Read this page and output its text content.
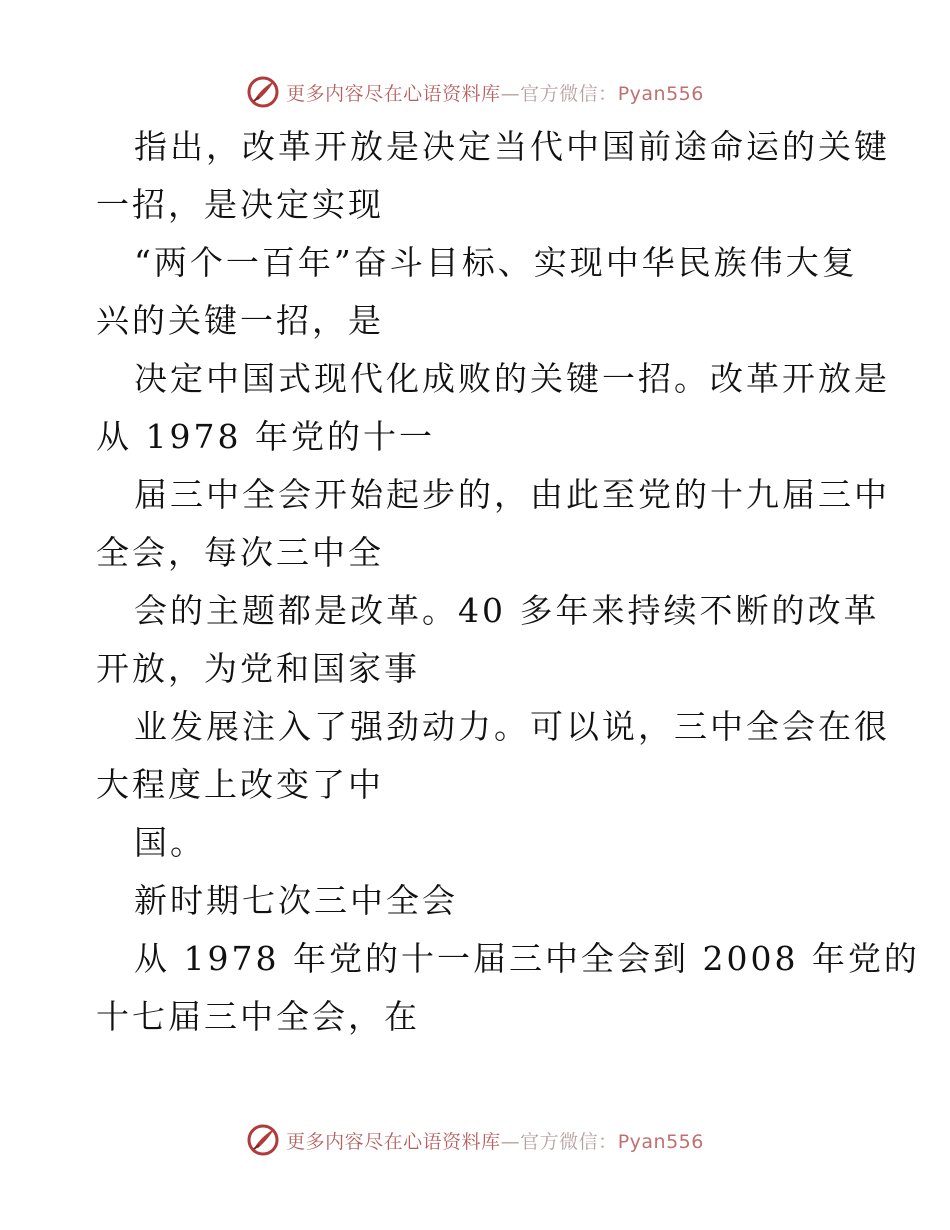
更多内容尽在心语资料库—官方微信：Pyan556
指出，改革开放是决定当代中国前途命运的关键
一招，是决定实现
“两个一百年”奋斗目标、实现中华民族伟大复
兴的关键一招，是
决定中国式现代化成败的关键一招。改革开放是
从 1978 年党的十一
届三中全会开始起步的，由此至党的十九届三中
全会，每次三中全
会的主题都是改革。40 多年来持续不断的改革
开放，为党和国家事
业发展注入了强劲动力。可以说，三中全会在很
大程度上改变了中
国。
新时期七次三中全会
从 1978 年党的十一届三中全会到 2008 年党的
十七届三中全会，在
更多内容尽在心语资料库—官方微信：Pyan556
